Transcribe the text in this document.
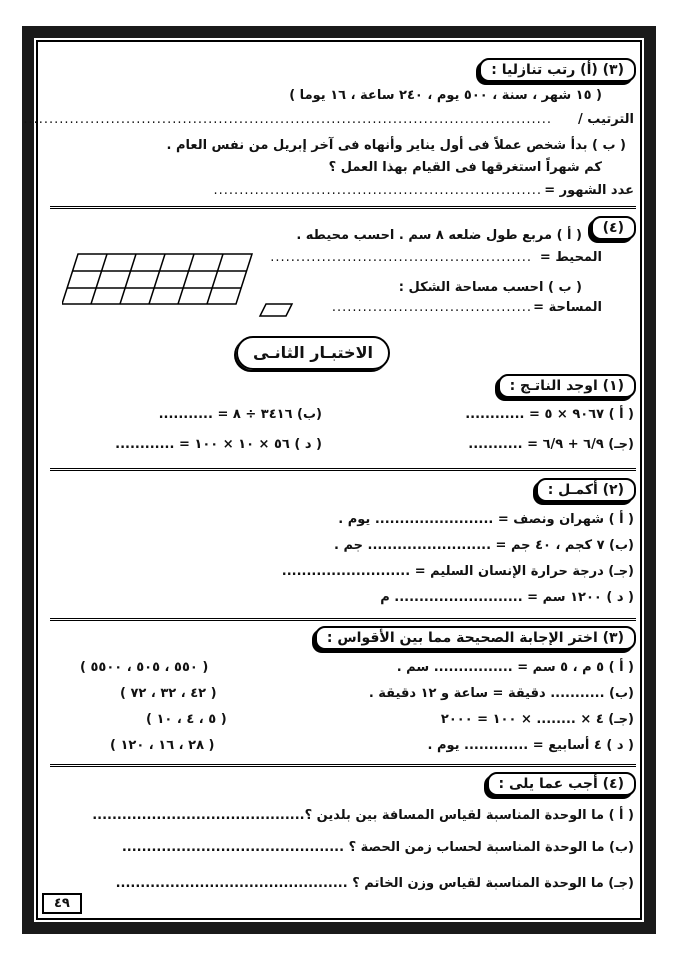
(٣) (أ) رتب تنازليا :
( ١٥ شهر ، سنة ، ٥٠٠ يوم ، ٢٤٠ ساعة ، ١٦ يوما )
الترتيب /
.......................................................................................................
( ب ) بدأ شخص عملاً فى أول يناير وأنهاه فى آخر إبريل من نفس العام .
كم شهراً استغرقها فى القيام بهذا العمل ؟
عدد الشهور =
................................................................
(٤)
( أ ) مربع طول ضلعه ٨ سم . احسب محيطه .
المحيط =
...................................................
( ب ) احسب مساحة الشكل :
المساحة =
.......................................
الاختبـار الثانـى
(١) اوجد الناتـج :
( أ ) ٩٠٦٧ × ٥ = ............
(ب) ٣٤١٦ ÷ ٨ = ...........
(جـ) ٦/٩ + ٦/٩ = ...........
( د ) ٥٦ × ١٠ × ١٠٠ = ............
(٢) أكمـل :
( أ ) شهران ونصف = ........................ يوم .
(ب) ٧ كجم ، ٤٠ جم = ......................... جم .
(جـ) درجة حرارة الإنسان السليم = ..........................
( د ) ١٢٠٠ سم = .......................... م
(٣) اختر الإجابة الصحيحة مما بين الأقواس :
( أ ) ٥ م ، ٥ سم = ................ سم .
( ٥٥٠ ، ٥٠٥ ، ٥٥٠٠ )
(ب) ........... دقيقة = ساعة و ١٢ دقيقة .
( ٤٢ ، ٣٢ ، ٧٢ )
(جـ) ٤ × ........ × ١٠٠ = ٢٠٠٠
( ٥ ، ٤ ، ١٠ )
( د ) ٤ أسابيع = ............. يوم .
( ٢٨ ، ١٦ ، ١٢٠ )
(٤) أجب عما يلى :
( أ ) ما الوحدة المناسبة لقياس المسافة بين بلدين ؟...........................................
(ب) ما الوحدة المناسبة لحساب زمن الحصة ؟ .............................................
(جـ) ما الوحدة المناسبة لقياس وزن الخاتم ؟ ...............................................
٤٩
